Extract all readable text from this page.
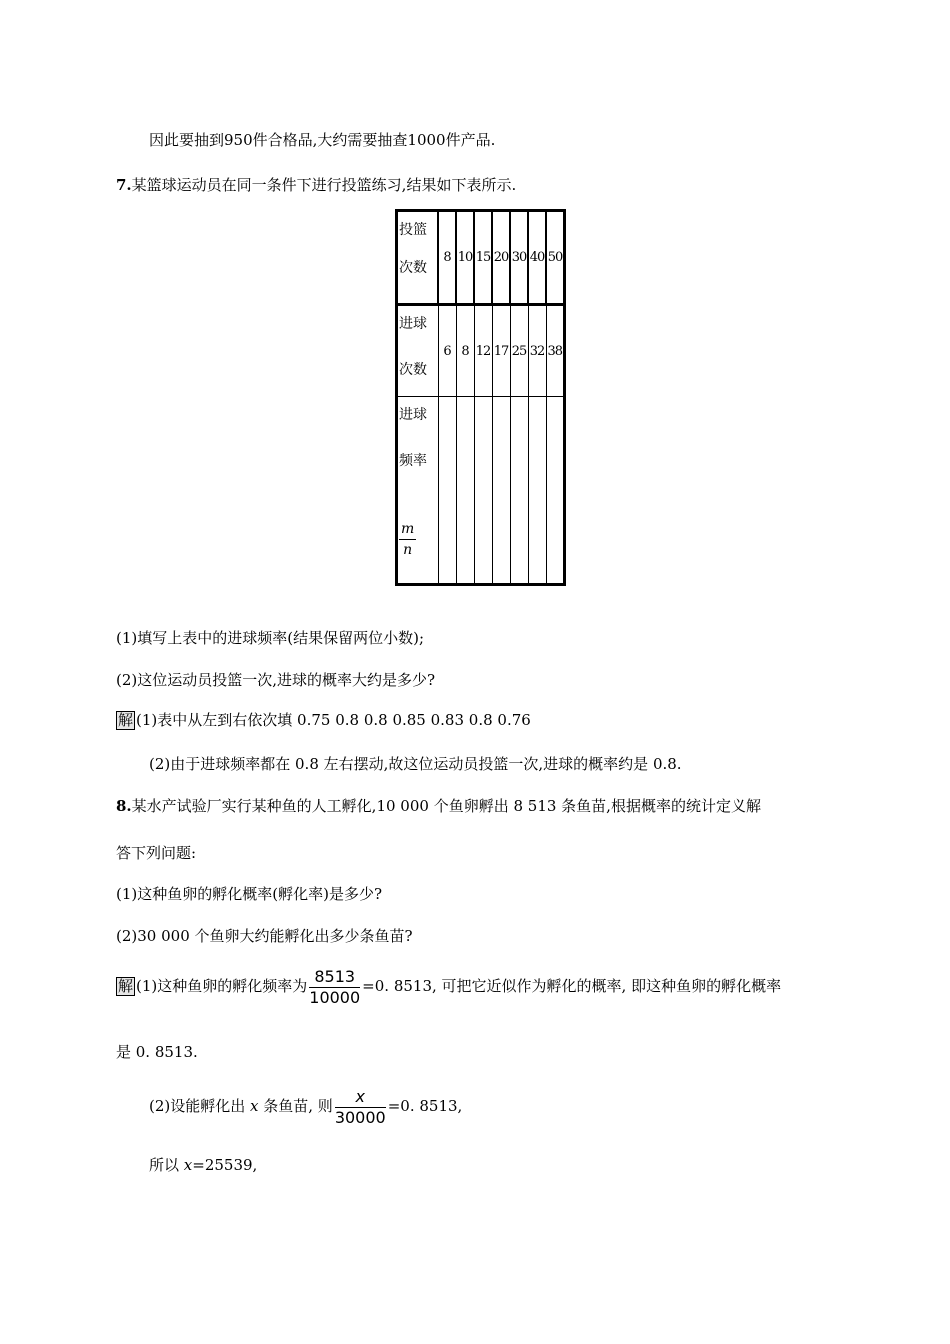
因此要抽到950件合格品,大约需要抽查1000件产品.
7.某篮球运动员在同一条件下进行投篮练习,结果如下表所示.
投篮
次数	8	10	15	20	30	40	50

进球
次数	6	8	12	17	25	32	38

进球
频率
$\frac{m}{n}$

(1)填写上表中的进球频率(结果保留两位小数);
(2)这位运动员投篮一次,进球的概率大约是多少?
解 (1)表中从左到右依次填 0.75 0.8 0.8 0.85 0.83 0.8 0.76
(2)由于进球频率都在 0.8 左右摆动,故这位运动员投篮一次,进球的概率约是 0.8.
8.某水产试验厂实行某种鱼的人工孵化,10 000 个鱼卵孵出 8 513 条鱼苗,根据概率的统计定义解
答下列问题:
(1)这种鱼卵的孵化概率(孵化率)是多少?
(2)30 000 个鱼卵大约能孵化出多少条鱼苗?
解 (1)这种鱼卵的孵化频率为 $\frac{8513}{10000} =0$. 8513, 可把它近似作为孵化的概率, 即这种鱼卵的孵化概率
是 0. 8513.
(2)设能孵化出 x 条鱼苗, 则 $\frac{x}{30000} =0$. 8513,
所以 x=25539,
